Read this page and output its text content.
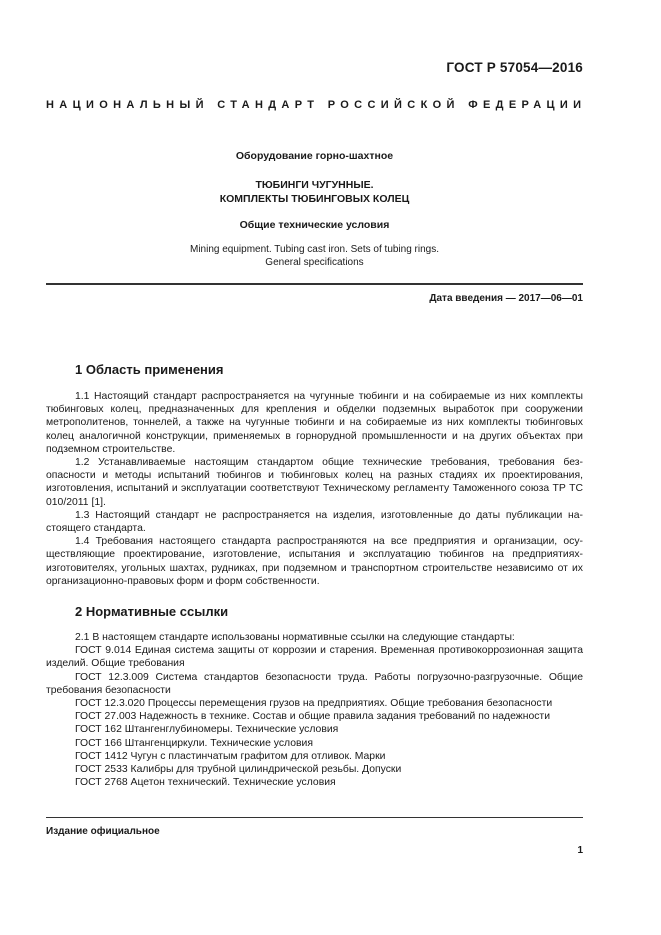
ГОСТ Р 57054—2016
НАЦИОНАЛЬНЫЙ СТАНДАРТ РОССИЙСКОЙ ФЕДЕРАЦИИ
Оборудование горно-шахтное
ТЮБИНГИ ЧУГУННЫЕ.
КОМПЛЕКТЫ ТЮБИНГОВЫХ КОЛЕЦ
Общие технические условия
Mining equipment. Tubing cast iron. Sets of tubing rings.
General specifications
Дата введения — 2017—06—01
1 Область применения

1.1 Настоящий стандарт распространяется на чугунные тюбинги и на собираемые из них комплекты тюбинговых колец, предназначенных для крепления и обделки подземных выработок при сооружении метрополитенов, тоннелей, а также на чугунные тюбинги и на собираемые из них комплекты тюбинговых колец аналогичной конструкции, применяемых в горнорудной промышленности и на других объектах при подземном строительстве.

1.2 Устанавливаемые настоящим стандартом общие технические требования, требования безопасности и методы испытаний тюбингов и тюбинговых колец на разных стадиях их проектирования, изготовления, испытаний и эксплуатации соответствуют Техническому регламенту Таможенного союза ТР ТС 010/2011 [1].

1.3 Настоящий стандарт не распространяется на изделия, изготовленные до даты публикации настоящего стандарта.

1.4 Требования настоящего стандарта распространяются на все предприятия и организации, осуществляющие проектирование, изготовление, испытания и эксплуатацию тюбингов на предприятиях-изготовителях, угольных шахтах, рудниках, при подземном и транспортном строительстве независимо от их организационно-правовых форм и форм собственности.

2 Нормативные ссылки

2.1 В настоящем стандарте использованы нормативные ссылки на следующие стандарты:

ГОСТ 9.014 Единая система защиты от коррозии и старения. Временная противокоррозионная защита изделий. Общие требования

ГОСТ 12.3.009 Система стандартов безопасности труда. Работы погрузочно-разгрузочные. Общие требования безопасности

ГОСТ 12.3.020 Процессы перемещения грузов на предприятиях. Общие требования безопасности

ГОСТ 27.003 Надежность в технике. Состав и общие правила задания требований по надежности

ГОСТ 162 Штангенглубиномеры. Технические условия

ГОСТ 166 Штангенциркули. Технические условия

ГОСТ 1412 Чугун с пластинчатым графитом для отливок. Марки

ГОСТ 2533 Калибры для трубной цилиндрической резьбы. Допуски

ГОСТ 2768 Ацетон технический. Технические условия

Издание официальное
1
